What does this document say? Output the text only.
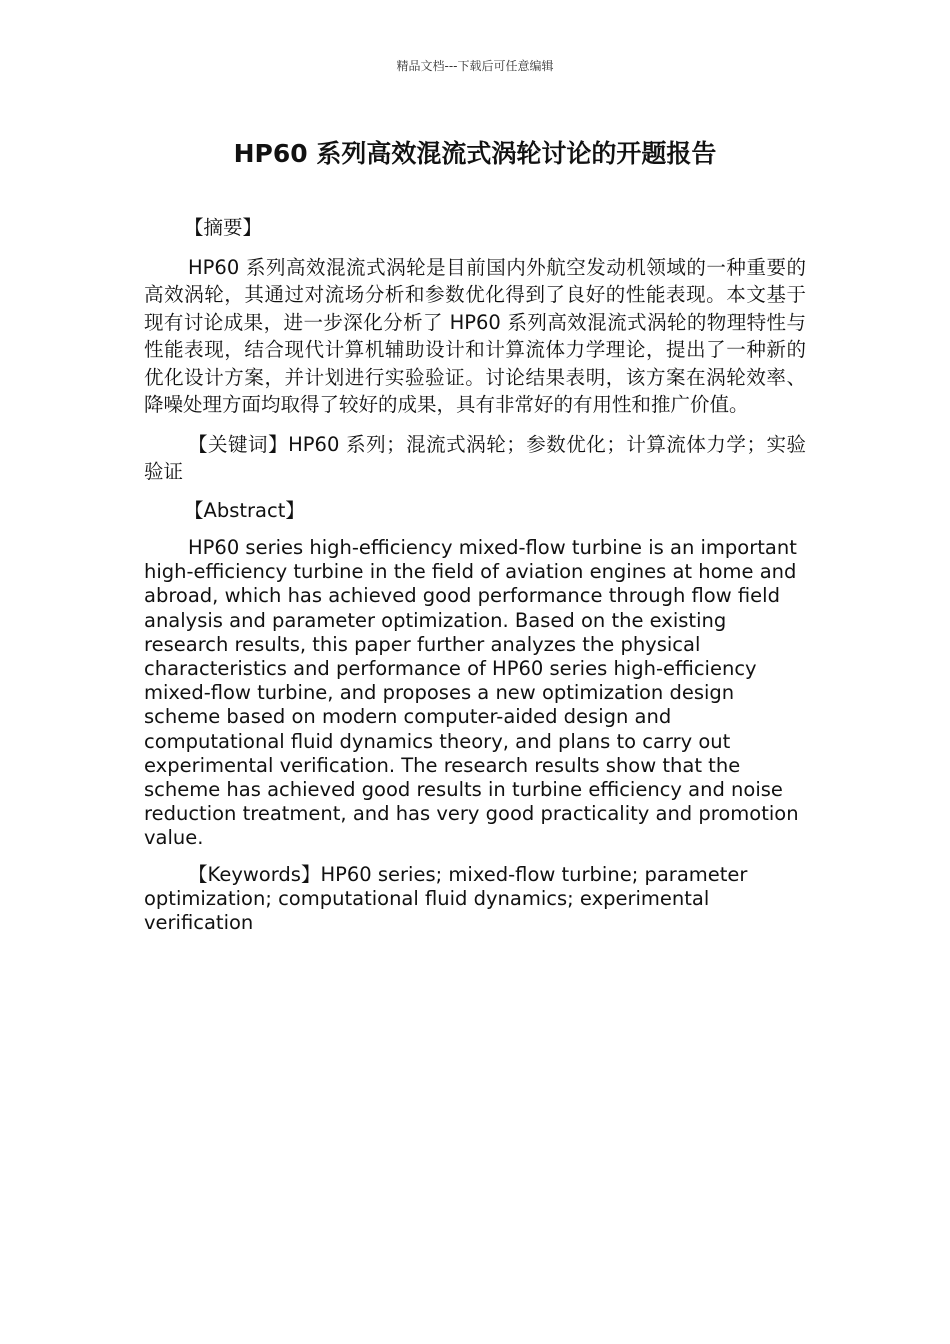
精品文档---下载后可任意编辑
HP60 系列高效混流式涡轮讨论的开题报告

【摘要】

HP60 系列高效混流式涡轮是目前国内外航空发动机领域的一种重要的高效涡轮，其通过对流场分析和参数优化得到了良好的性能表现。本文基于现有讨论成果，进一步深化分析了 HP60 系列高效混流式涡轮的物理特性与性能表现，结合现代计算机辅助设计和计算流体力学理论，提出了一种新的优化设计方案，并计划进行实验验证。讨论结果表明，该方案在涡轮效率、降噪处理方面均取得了较好的成果，具有非常好的有用性和推广价值。

【关键词】HP60 系列；混流式涡轮；参数优化；计算流体力学；实验验证

【Abstract】

HP60 series high-efficiency mixed-flow turbine is an important high-efficiency turbine in the field of aviation engines at home and abroad, which has achieved good performance through flow field analysis and parameter optimization. Based on the existing research results, this paper further analyzes the physical characteristics and performance of HP60 series high-efficiency mixed-flow turbine, and proposes a new optimization design scheme based on modern computer-aided design and computational fluid dynamics theory, and plans to carry out experimental verification. The research results show that the scheme has achieved good results in turbine efficiency and noise reduction treatment, and has very good practicality and promotion value.

【Keywords】HP60 series; mixed-flow turbine; parameter optimization; computational fluid dynamics; experimental verification
